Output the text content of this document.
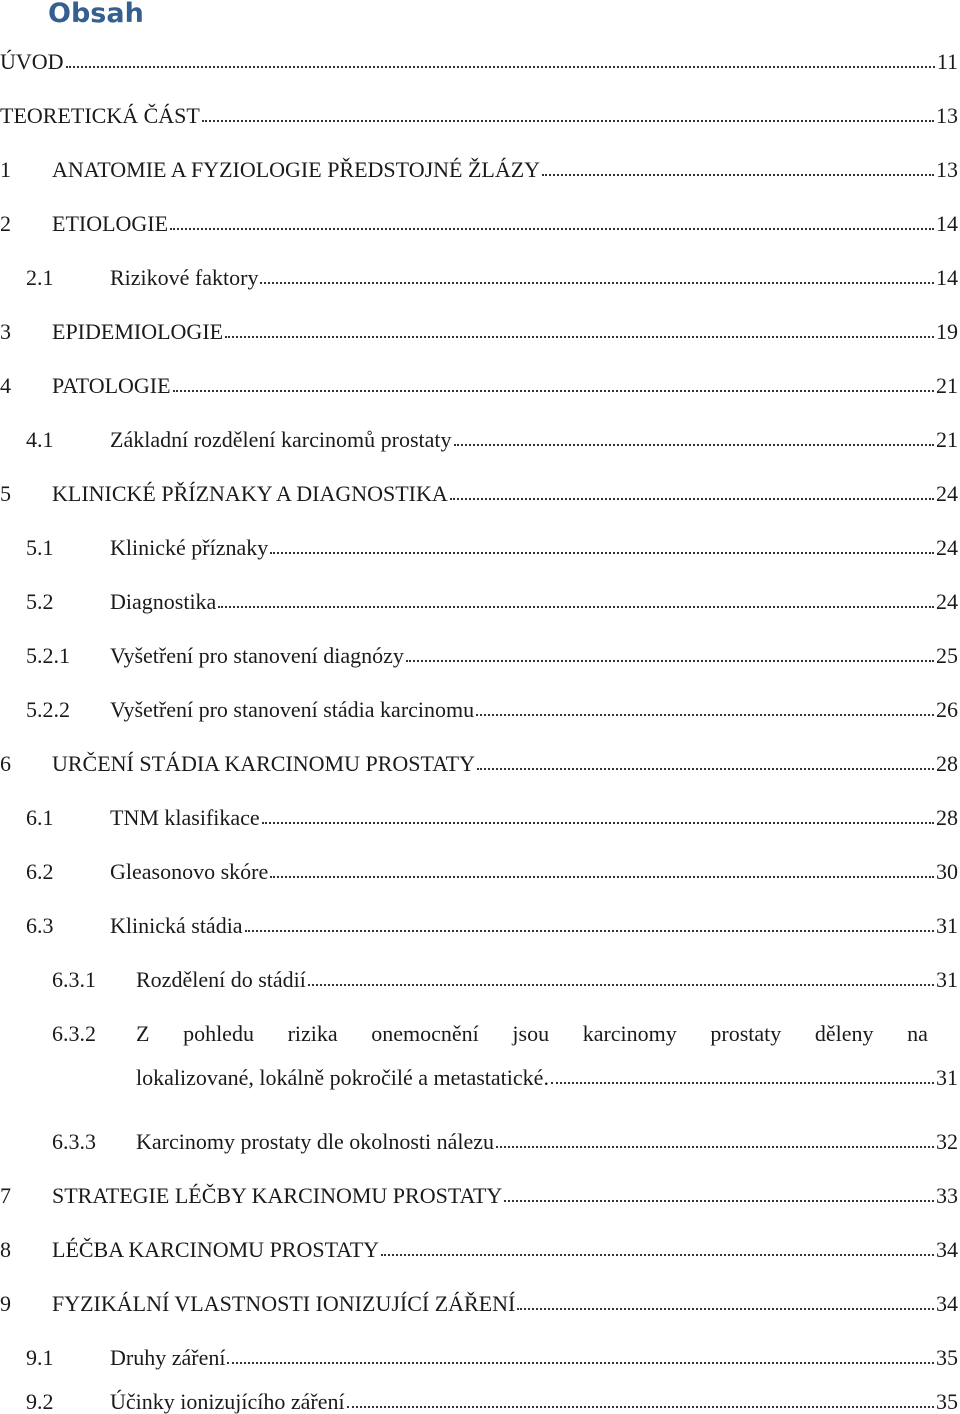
Obsah
ÚVOD	11
TEORETICKÁ ČÁST	13
1	ANATOMIE A FYZIOLOGIE PŘEDSTOJNÉ ŽLÁZY	13
2	ETIOLOGIE	14
2.1	Rizikové faktory	14
3	EPIDEMIOLOGIE	19
4	PATOLOGIE	21
4.1	Základní rozdělení karcinomů prostaty	21
5	KLINICKÉ PŘÍZNAKY A DIAGNOSTIKA	24
5.1	Klinické příznaky	24
5.2	Diagnostika	24
5.2.1	Vyšetření pro stanovení diagnózy	25
5.2.2	Vyšetření pro stanovení stádia karcinomu	26
6	URČENÍ STÁDIA KARCINOMU PROSTATY	28
6.1	TNM klasifikace	28
6.2	Gleasonovo skóre	30
6.3	Klinická stádia	31
6.3.1	Rozdělení do stádií	31
6.3.2	Z pohledu rizika onemocnění jsou karcinomy prostaty děleny na
lokalizované, lokálně pokročilé a metastatické.	31
6.3.3	Karcinomy prostaty dle okolnosti nálezu	32
7	STRATEGIE LÉČBY KARCINOMU PROSTATY	33
8	LÉČBA KARCINOMU PROSTATY	34
9	FYZIKÁLNÍ VLASTNOSTI IONIZUJÍCÍ ZÁŘENÍ	34
9.1	Druhy záření	35
9.2	Účinky ionizujícího záření	35
